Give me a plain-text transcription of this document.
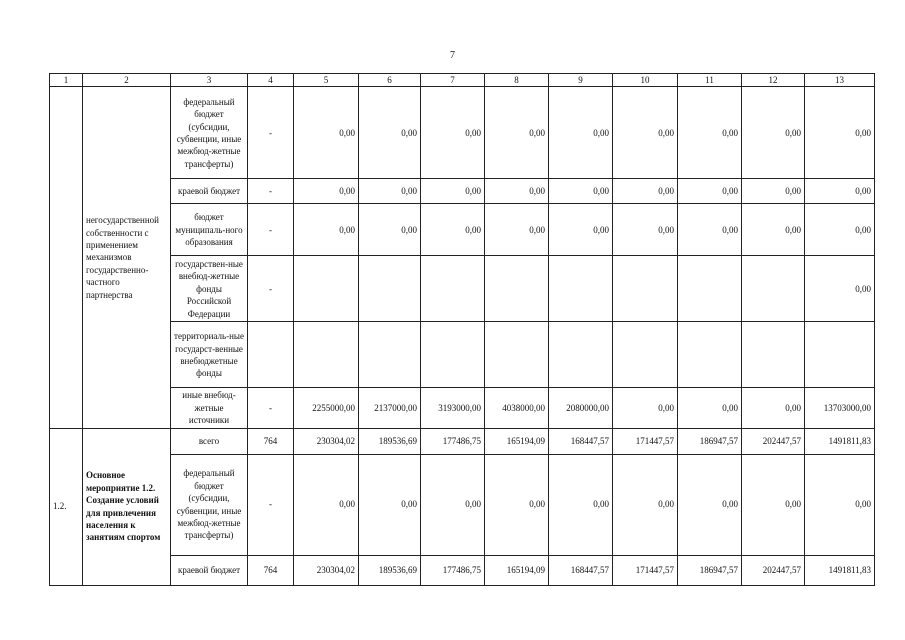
7
1	2	3	4	5	6	7	8	9	10	11	12	13
	негосударственной собственности с применением механизмов государственно-частного партнерства	федеральный бюджет (субсидии, субвенции, иные межбюд-жетные трансферты)	-	0,00	0,00	0,00	0,00	0,00	0,00	0,00	0,00	0,00
		краевой бюджет	-	0,00	0,00	0,00	0,00	0,00	0,00	0,00	0,00	0,00
		бюджет муниципаль-ного образования	-	0,00	0,00	0,00	0,00	0,00	0,00	0,00	0,00	0,00
		государствен-ные внебюд-жетные фонды Российской Федерации	-									0,00
		территориаль-ные государст-венные внебюджетные фонды										
		иные внебюд-жетные источники	-	2255000,00	2137000,00	3193000,00	4038000,00	2080000,00	0,00	0,00	0,00	13703000,00
1.2.	Основное мероприятие 1.2. Создание условий для привлечения населения к занятиям спортом	всего	764	230304,02	189536,69	177486,75	165194,09	168447,57	171447,57	186947,57	202447,57	1491811,83
		федеральный бюджет (субсидии, субвенции, иные межбюд-жетные трансферты)	-	0,00	0,00	0,00	0,00	0,00	0,00	0,00	0,00	0,00
		краевой бюджет	764	230304,02	189536,69	177486,75	165194,09	168447,57	171447,57	186947,57	202447,57	1491811,83
